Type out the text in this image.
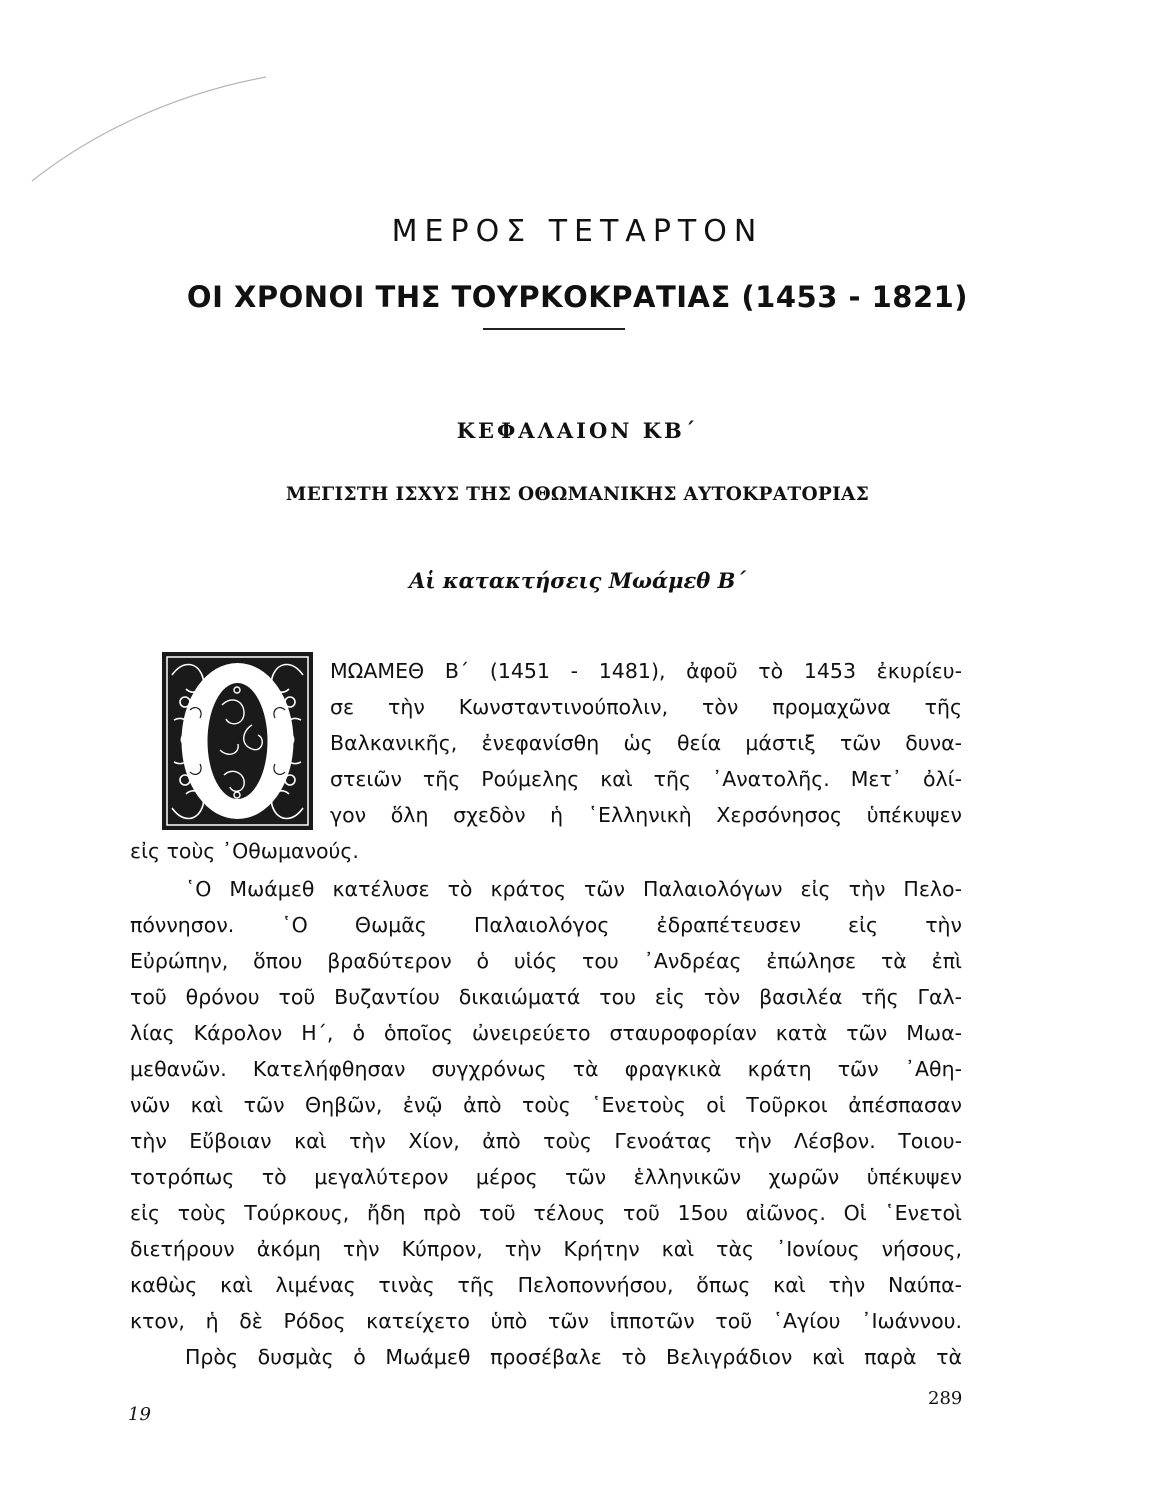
ΜΕΡΟΣ ΤΕΤΑΡΤΟΝ
ΟΙ ΧΡΟΝΟΙ ΤΗΣ ΤΟΥΡΚΟΚΡΑΤΙΑΣ (1453 - 1821)
ΚΕΦΑΛΑΙΟΝ ΚΒ΄
ΜΕΓΙΣΤΗ ΙΣΧΥΣ ΤΗΣ ΟΘΩΜΑΝΙΚΗΣ ΑΥΤΟΚΡΑΤΟΡΙΑΣ
Αἱ κατακτήσεις Μωάμεθ Β΄
ΜΩΑΜΕΘ Β΄ (1451 - 1481), ἀφοῦ τὸ 1453 ἐκυρίευ-
σε τὴν Κωνσταντινούπολιν, τὸν προμαχῶνα τῆς
Βαλκανικῆς, ἐνεφανίσθη ὡς θεία μάστιξ τῶν δυνα-
στειῶν τῆς Ρούμελης καὶ τῆς ᾿Ανατολῆς. Μετ᾿ ὀλί-
γον ὅλη σχεδὸν ἡ ῾Ελληνικὴ Χερσόνησος ὑπέκυψεν
εἰς τοὺς ᾿Οθωμανούς.
῾Ο Μωάμεθ κατέλυσε τὸ κράτος τῶν Παλαιολόγων εἰς τὴν Πελο-
πόννησον. ῾Ο Θωμᾶς Παλαιολόγος ἐδραπέτευσεν εἰς τὴν
Εὐρώπην, ὅπου βραδύτερον ὁ υἱός του ᾿Ανδρέας ἐπώλησε τὰ ἐπὶ
τοῦ θρόνου τοῦ Βυζαντίου δικαιώματά του εἰς τὸν βασιλέα τῆς Γαλ-
λίας Κάρολον Η΄, ὁ ὁποῖος ὠνειρεύετο σταυροφορίαν κατὰ τῶν Μωα-
μεθανῶν. Κατελήφθησαν συγχρόνως τὰ φραγκικὰ κράτη τῶν ᾿Αθη-
νῶν καὶ τῶν Θηβῶν, ἐνῷ ἀπὸ τοὺς ῾Ενετοὺς οἱ Τοῦρκοι ἀπέσπασαν
τὴν Εὔβοιαν καὶ τὴν Χίον, ἀπὸ τοὺς Γενοάτας τὴν Λέσβον. Τοιου-
τοτρόπως τὸ μεγαλύτερον μέρος τῶν ἑλληνικῶν χωρῶν ὑπέκυψεν
εἰς τοὺς Τούρκους, ἤδη πρὸ τοῦ τέλους τοῦ 15ου αἰῶνος. Οἱ ῾Ενετοὶ
διετήρουν ἀκόμη τὴν Κύπρον, τὴν Κρήτην καὶ τὰς ᾿Ιονίους νήσους,
καθὼς καὶ λιμένας τινὰς τῆς Πελοποννήσου, ὅπως καὶ τὴν Ναύπα-
κτον, ἡ δὲ Ρόδος κατείχετο ὑπὸ τῶν ἱπποτῶν τοῦ ῾Αγίου ᾿Ιωάννου.
Πρὸς δυσμὰς ὁ Μωάμεθ προσέβαλε τὸ Βελιγράδιον καὶ παρὰ τὰ
19
289
